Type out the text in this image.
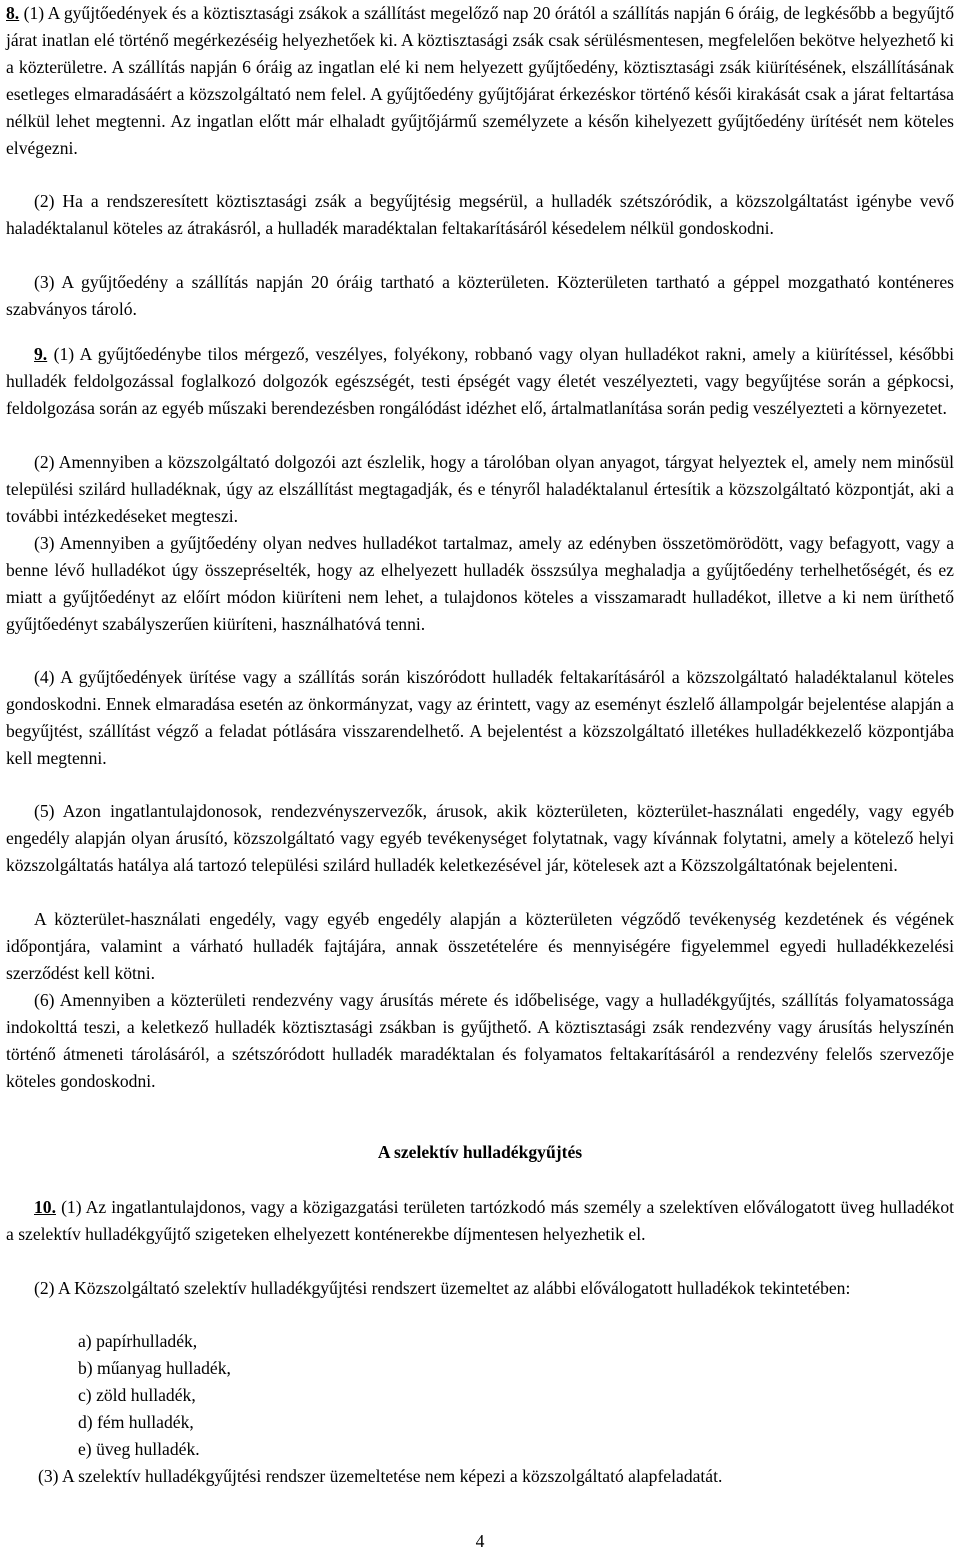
8. (1) A gyűjtőedények és a köztisztasági zsákok a szállítást megelőző nap 20 órától a szállítás napján 6 óráig, de legkésőbb a begyűjtő járat inatlan elé történő megérkezéséig helyezhetőek ki. A köztisztasági zsák csak sérülésmentesen, megfelelően bekötve helyezhető ki a közterületre. A szállítás napján 6 óráig az ingatlan elé ki nem helyezett gyűjtőedény, köztisztasági zsák kiürítésének, elszállításának esetleges elmaradásáért a közszolgáltató nem felel. A gyűjtőedény gyűjtőjárat érkezéskor történő késői kirakását csak a járat feltartása nélkül lehet megtenni. Az ingatlan előtt már elhaladt gyűjtőjármű személyzete a későn kihelyezett gyűjtőedény ürítését nem köteles elvégezni.

(2) Ha a rendszeresített köztisztasági zsák a begyűjtésig megsérül, a hulladék szétszóródik, a közszolgáltatást igénybe vevő haladéktalanul köteles az átrakásról, a hulladék maradéktalan feltakarításáról késedelem nélkül gondoskodni.

(3) A gyűjtőedény a szállítás napján 20 óráig tartható a közterületen. Közterületen tartható a géppel mozgatható konténeres szabványos tároló.

9. (1) A gyűjtőedénybe tilos mérgező, veszélyes, folyékony, robbanó vagy olyan hulladékot rakni, amely a kiürítéssel, későbbi hulladék feldolgozással foglalkozó dolgozók egészségét, testi épségét vagy életét veszélyezteti, vagy begyűjtése során a gépkocsi, feldolgozása során az egyéb műszaki berendezésben rongálódást idézhet elő, ártalmatlanítása során pedig veszélyezteti a környezetet.

(2) Amennyiben a közszolgáltató dolgozói azt észlelik, hogy a tárolóban olyan anyagot, tárgyat helyeztek el, amely nem minősül települési szilárd hulladéknak, úgy az elszállítást megtagadják, és e tényről haladéktalanul értesítik a közszolgáltató központját, aki a további intézkedéseket megteszi.

(3) Amennyiben a gyűjtőedény olyan nedves hulladékot tartalmaz, amely az edényben összetömörödött, vagy befagyott, vagy a benne lévő hulladékot úgy összepréselték, hogy az elhelyezett hulladék összsúlya meghaladja a gyűjtőedény terhelhetőségét, és ez miatt a gyűjtőedényt az előírt módon kiüríteni nem lehet, a tulajdonos köteles a visszamaradt hulladékot, illetve a ki nem üríthető gyűjtőedényt szabályszerűen kiüríteni, használhatóvá tenni.

(4) A gyűjtőedények ürítése vagy a szállítás során kiszóródott hulladék feltakarításáról a közszolgáltató haladéktalanul köteles gondoskodni. Ennek elmaradása esetén az önkormányzat, vagy az érintett, vagy az eseményt észlelő állampolgár bejelentése alapján a begyűjtést, szállítást végző a feladat pótlására visszarendelhető. A bejelentést a közszolgáltató illetékes hulladékkezelő központjába kell megtenni.

(5) Azon ingatlantulajdonosok, rendezvényszervezők, árusok, akik közterületen, közterület-használati engedély, vagy egyéb engedély alapján olyan árusító, közszolgáltató vagy egyéb tevékenységet folytatnak, vagy kívánnak folytatni, amely a kötelező helyi közszolgáltatás hatálya alá tartozó települési szilárd hulladék keletkezésével jár, kötelesek azt a Közszolgáltatónak bejelenteni.

A közterület-használati engedély, vagy egyéb engedély alapján a közterületen végződő tevékenység kezdetének és végének időpontjára, valamint a várható hulladék fajtájára, annak összetételére és mennyiségére figyelemmel egyedi hulladékkezelési szerződést kell kötni.

(6) Amennyiben a közterületi rendezvény vagy árusítás mérete és időbelisége, vagy a hulladékgyűjtés, szállítás folyamatossága indokolttá teszi, a keletkező hulladék köztisztasági zsákban is gyűjthető. A köztisztasági zsák rendezvény vagy árusítás helyszínén történő átmeneti tárolásáról, a szétszóródott hulladék maradéktalan és folyamatos feltakarításáról a rendezvény felelős szervezője köteles gondoskodni.

A szelektív hulladékgyűjtés

10. (1) Az ingatlantulajdonos, vagy a közigazgatási területen tartózkodó más személy a szelektíven előválogatott üveg hulladékot a szelektív hulladékgyűjtő szigeteken elhelyezett konténerekbe díjmentesen helyezhetik el.

(2) A Közszolgáltató szelektív hulladékgyűjtési rendszert üzemeltet az alábbi előválogatott hulladékok tekintetében:

a) papírhulladék,

b) műanyag hulladék,

c) zöld hulladék,

d) fém hulladék,

e) üveg hulladék.

(3) A szelektív hulladékgyűjtési rendszer üzemeltetése nem képezi a közszolgáltató alapfeladatát.

4
